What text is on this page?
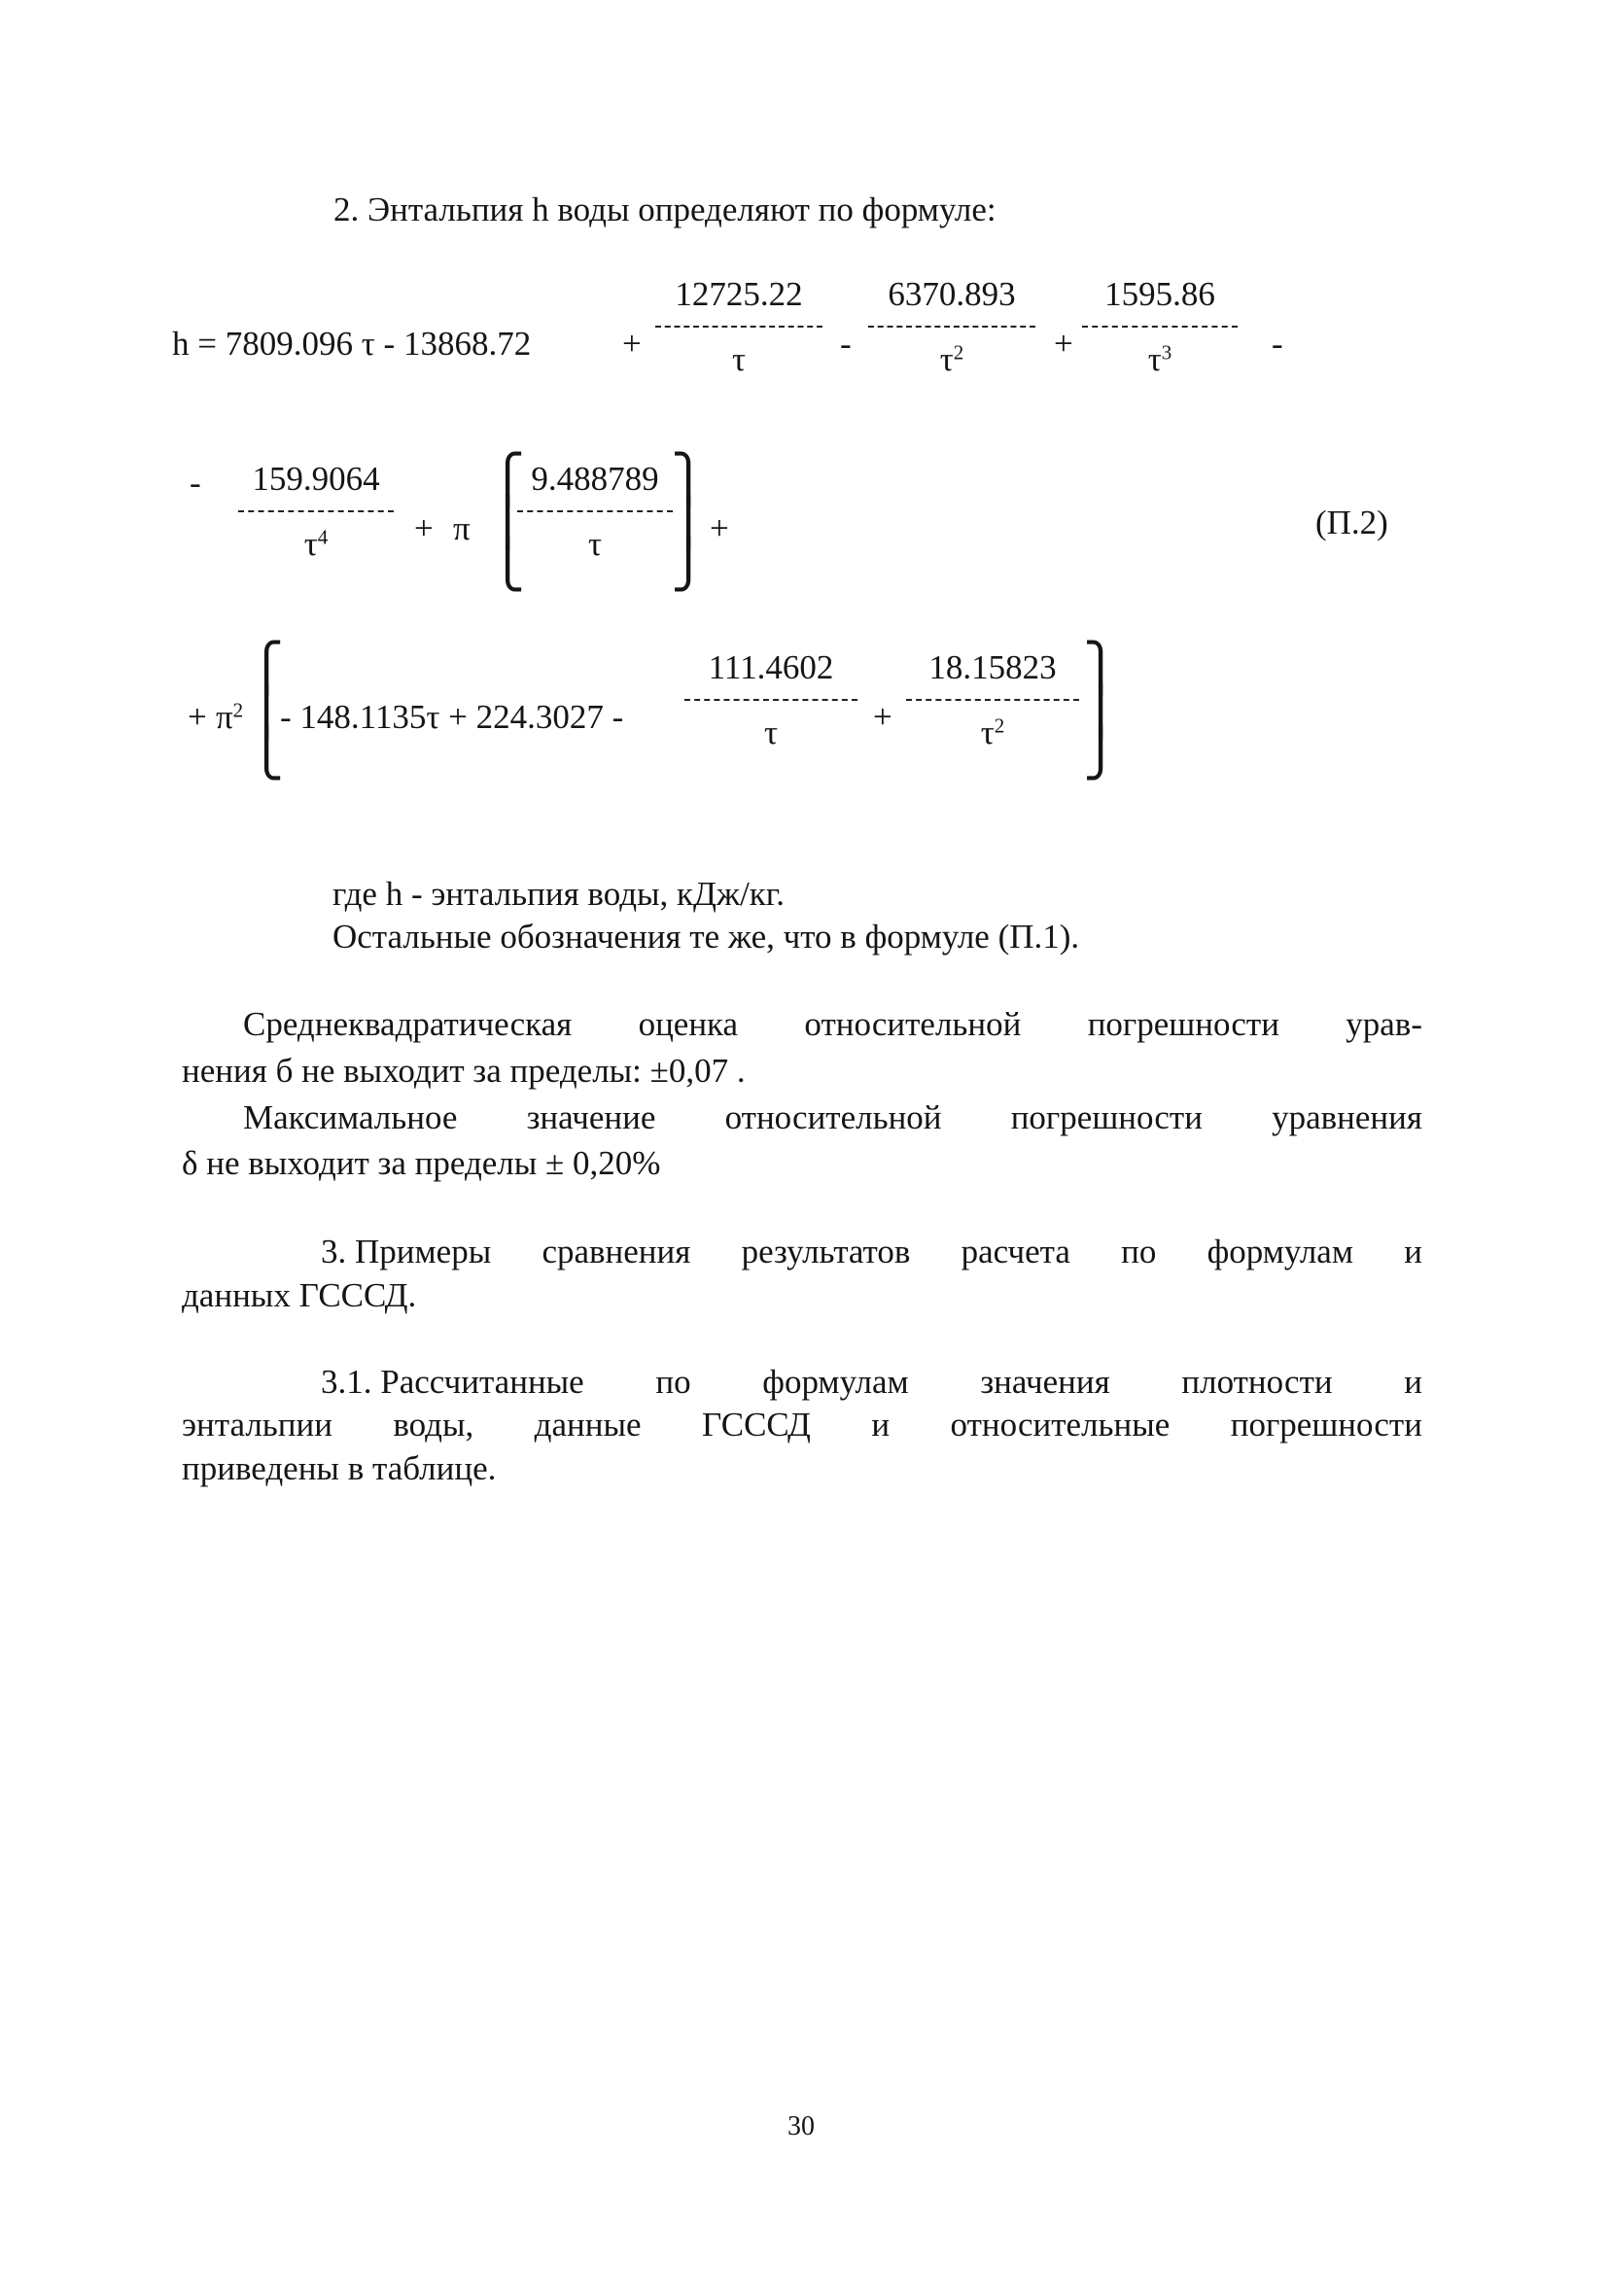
2. Энтальпия h воды определяют по формуле:
h = 7809.096 τ - 13868.72	+
12725.22
τ	-
6370.893
$\tau^2$	+
1595.86
$\tau^3$	-
-	159.9064
$\tau^4$	+ π
⎧
⎪
⎩
9.488789
τ
⎫
⎪
⎭
+	(П.2)
+ $\pi^2$
⎧
⎪
⎩
- 148.1135τ + 224.3027 -
111.4602
τ	+
18.15823
$\tau^2$
⎫
⎪
⎭
где h - энтальпия воды, кДж/кг.
Остальные обозначения те же, что в формуле (П.1).
Среднеквадратическая оценка относительной погрешности урав-
нения б не выходит за пределы: ±0,07 .
Максимальное значение относительной погрешности уравнения
δ не выходит за пределы ± 0,20%
3. Примеры сравнения результатов расчета по формулам и
данных ГСССД.
3.1. Рассчитанные по формулам значения плотности и
энтальпии воды, данные ГСССД и относительные погрешности
приведены в таблице.
30
